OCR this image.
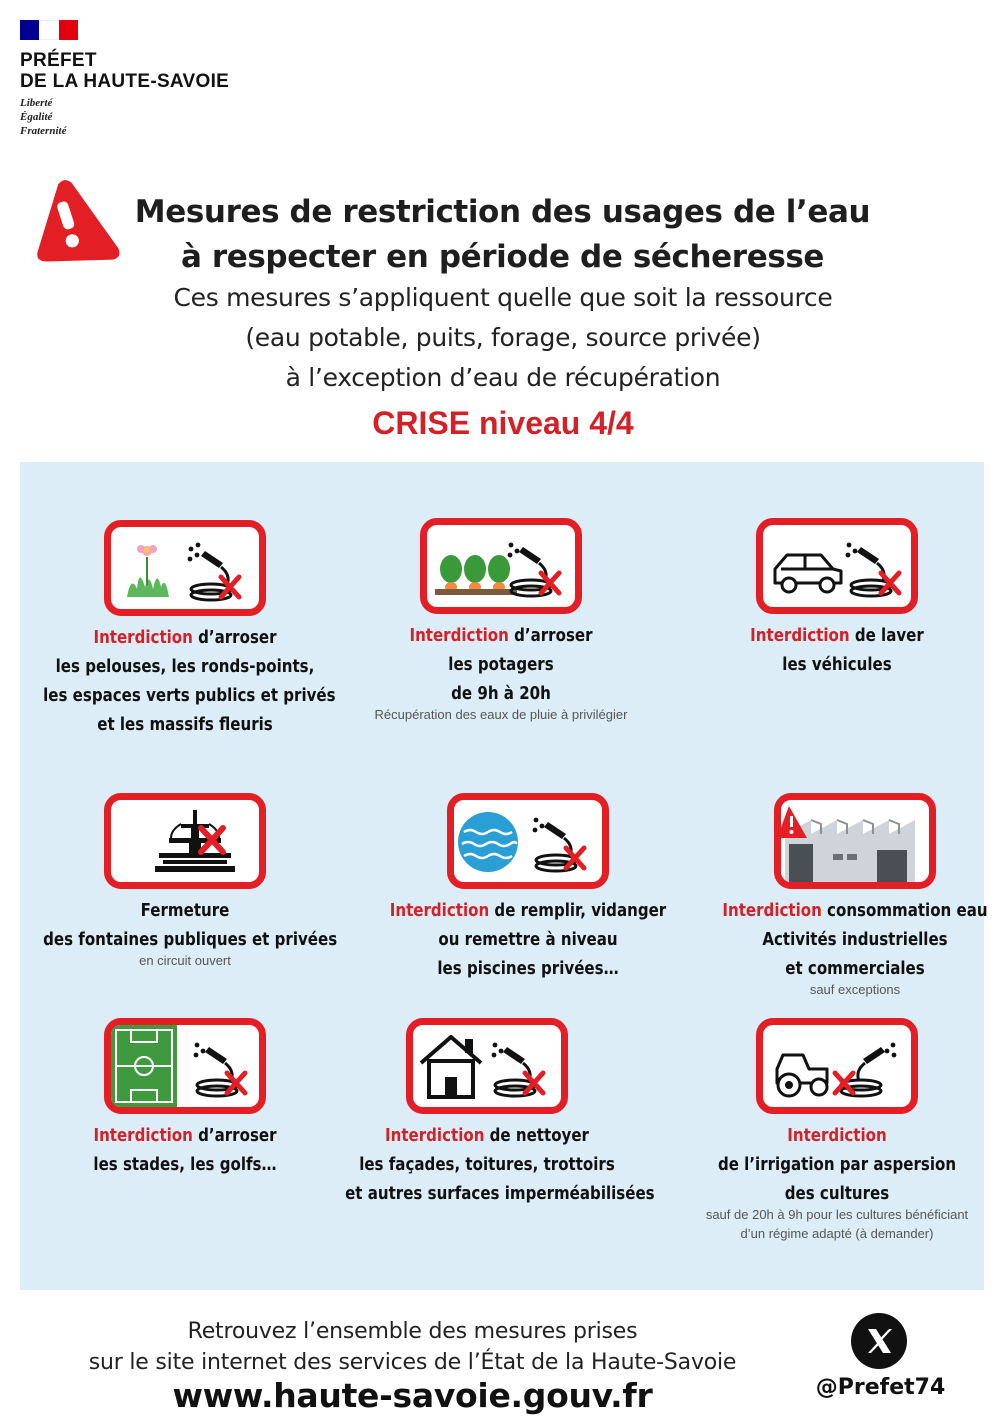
PRÉFET
DE LA HAUTE-SAVOIE
Liberté
Égalité
Fraternité
Mesures de restriction des usages de l’eau
à respecter en période de sécheresse
Ces mesures s’appliquent quelle que soit la ressource
(eau potable, puits, forage, source privée)
à l’exception d’eau de récupération
CRISE niveau 4/4
Interdiction d’arroser
les pelouses, les ronds-points,
les espaces verts publics et privés
et les massifs fleuris
Interdiction d’arroser
les potagers
de 9h à 20h
Récupération des eaux de pluie à privilégier
Interdiction de laver
les véhicules
Fermeture
des fontaines publiques et privées
en circuit ouvert
Interdiction de remplir, vidanger
ou remettre à niveau
les piscines privées…
Interdiction consommation eau
Activités industrielles
et commerciales
sauf exceptions
Interdiction d’arroser
les stades, les golfs…
Interdiction de nettoyer
les façades, toitures, trottoirs
et autres surfaces imperméabilisées
Interdiction
de l’irrigation par aspersion
des cultures
sauf de 20h à 9h pour les cultures bénéficiant
d’un régime adapté (à demander)
Retrouvez l’ensemble des mesures prises
sur le site internet des services de l’État de la Haute-Savoie
www.haute-savoie.gouv.fr	@Prefet74
